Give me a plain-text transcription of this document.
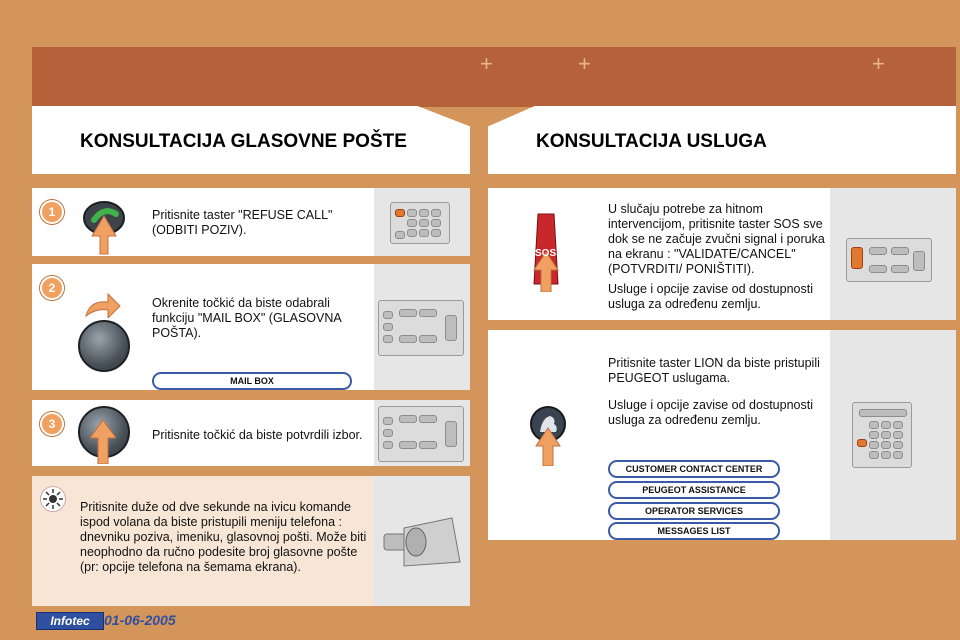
+	+	+
KONSULTACIJA GLASOVNE POŠTE
1	Pritisnite taster "REFUSE CALL" (ODBITI POZIV).
2
Okrenite točkić da biste odabrali funkciju "MAIL BOX" (GLASOVNA POŠTA).
MAIL BOX
3
Pritisnite točkić da biste potvrdili izbor.
Pritisnite duže od dve sekunde na ivicu komande ispod volana da biste pristupili meniju telefona : dnevniku poziva, imeniku, glasovnoj pošti. Može biti neophodno da ručno podesite broj glasovne pošte (pr: opcije telefona na šemama ekrana).
KONSULTACIJA USLUGA
SOS
U slučaju potrebe za hitnom intervencijom, pritisnite taster SOS sve dok se ne začuje zvučni signal i poruka na ekranu : "VALIDATE/CANCEL" (POTVRDITI/ PONIŠTITI).
Usluge i opcije zavise od dostupnosti usluga za određenu zemlju.
Pritisnite taster LION da biste pristupili PEUGEOT uslugama.
Usluge i opcije zavise od dostupnosti usluga za određenu zemlju.
CUSTOMER CONTACT CENTER
PEUGEOT ASSISTANCE
OPERATOR SERVICES
MESSAGES LIST
Infotec	01-06-2005
